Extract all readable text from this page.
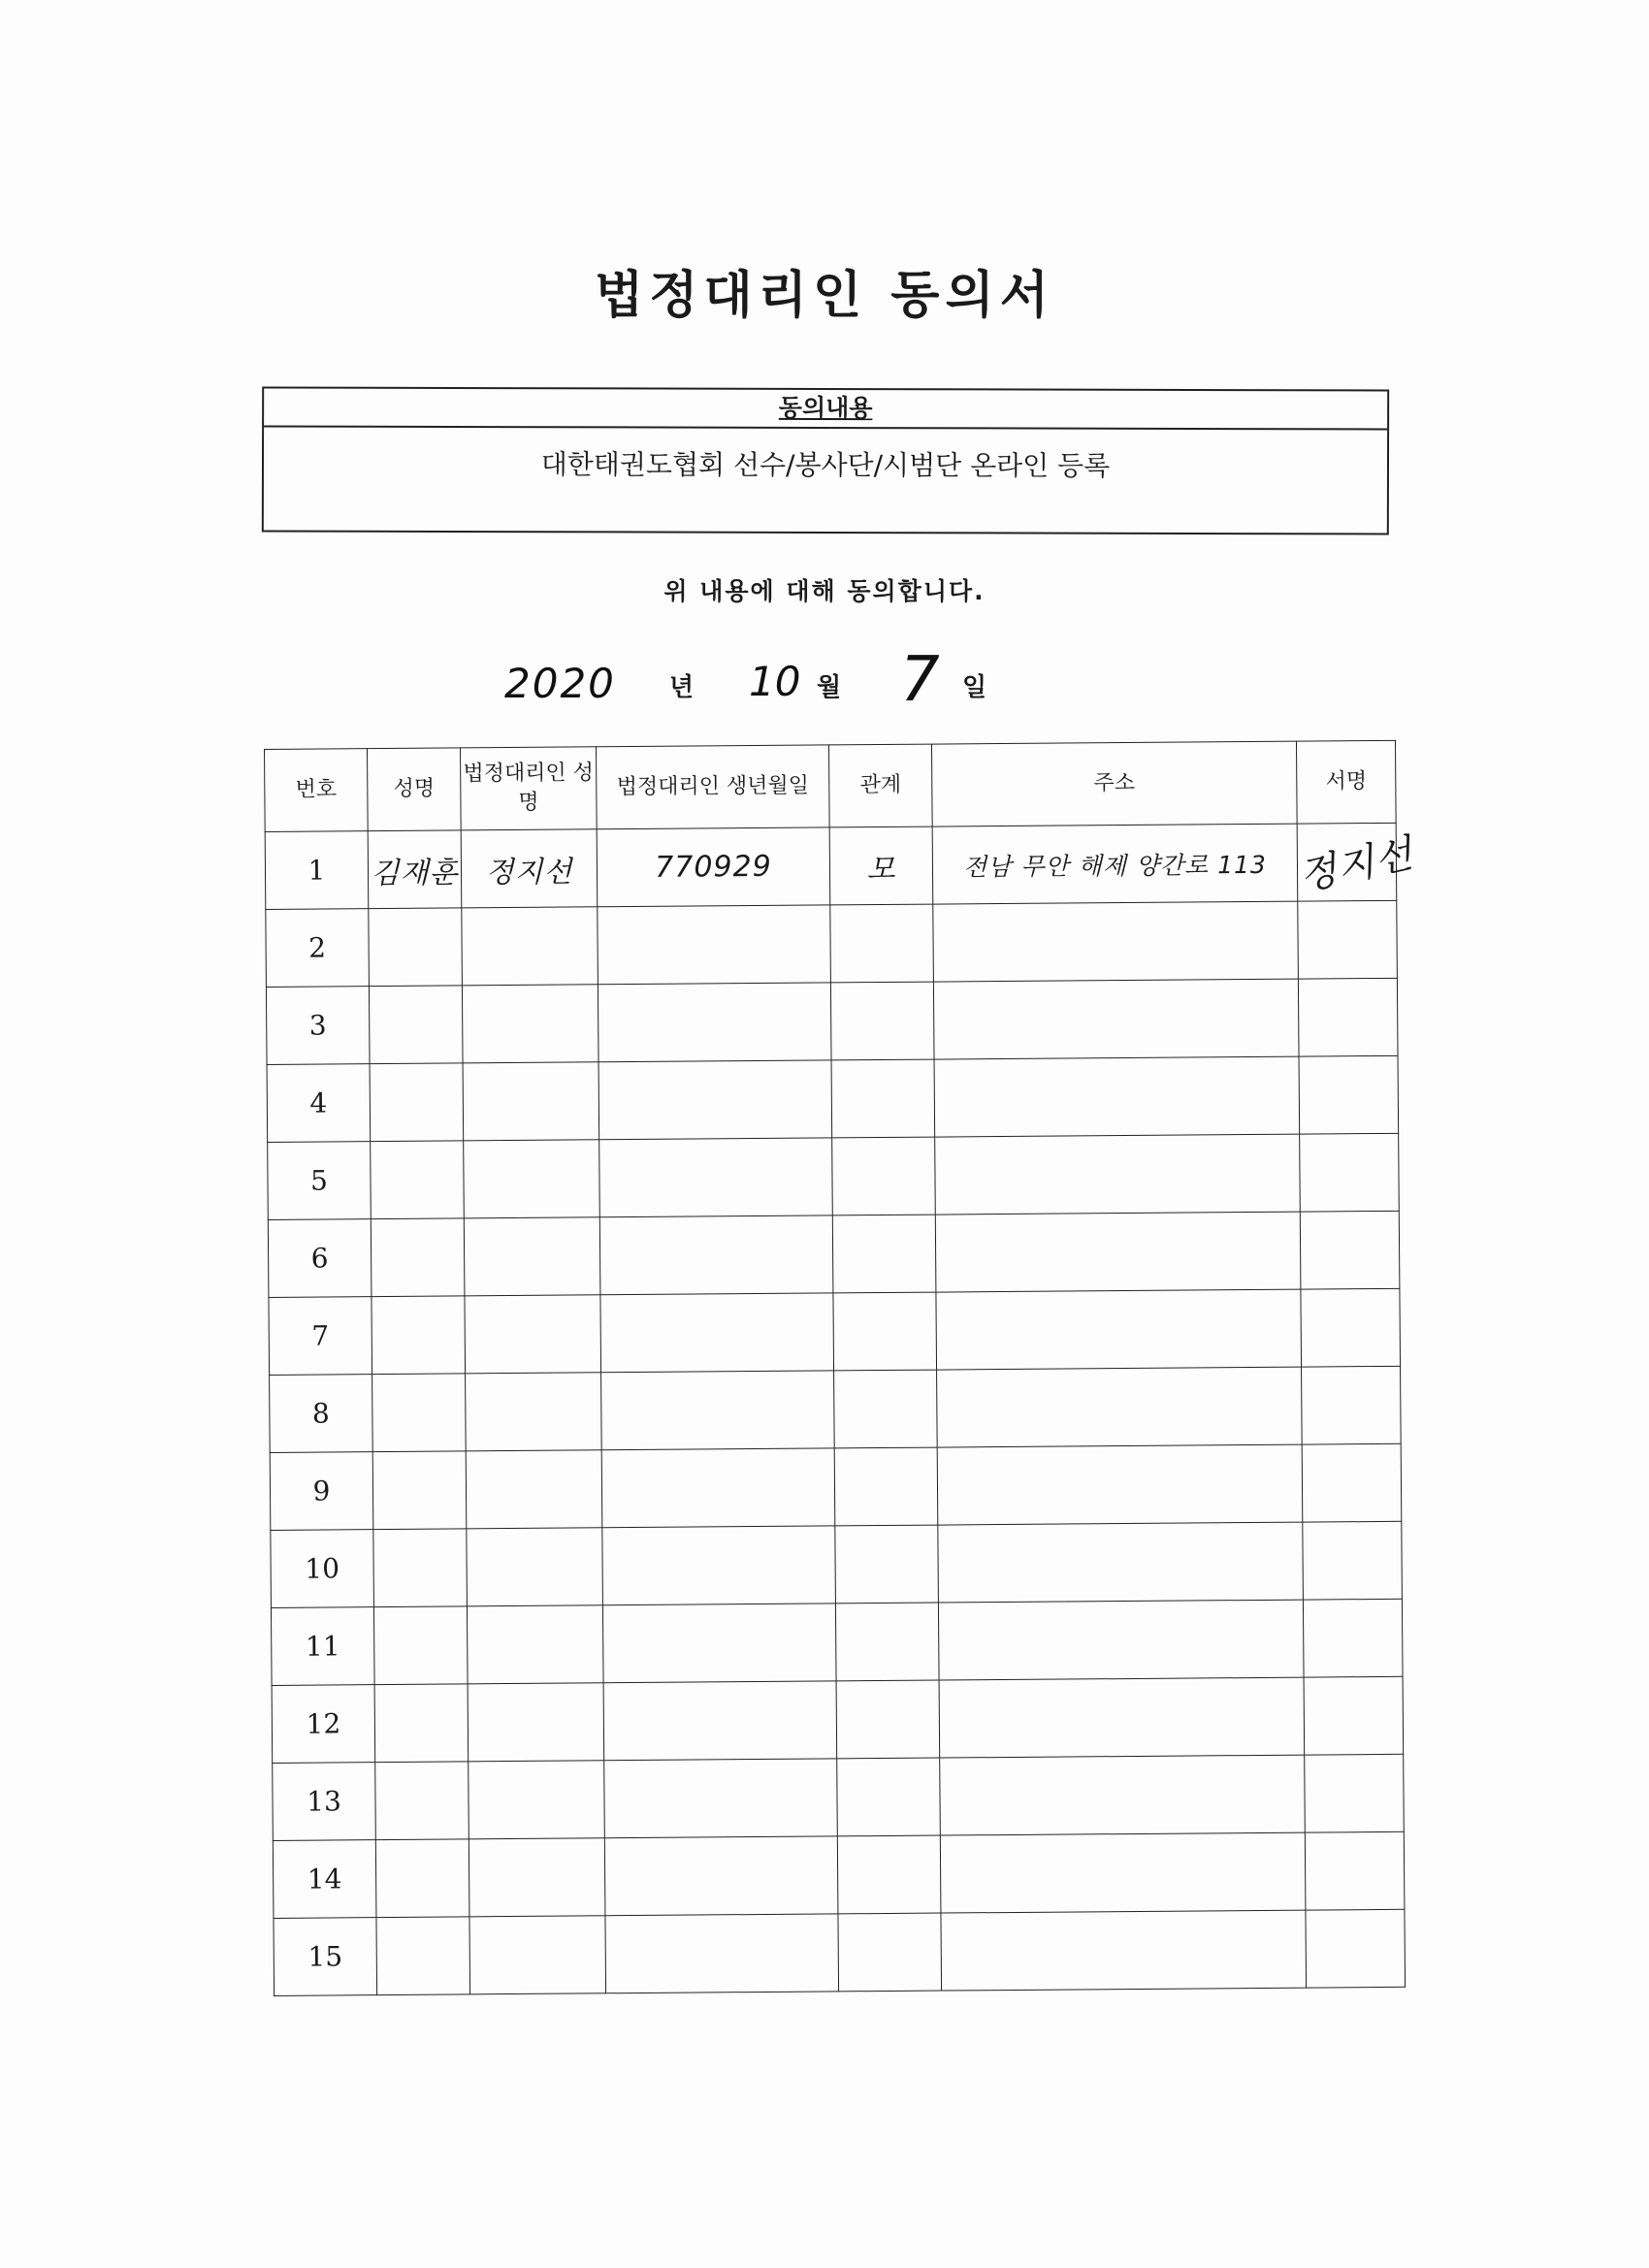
법정대리인 동의서
동의내용
대한태권도협회 선수/봉사단/시범단 온라인 등록
위 내용에 대해 동의합니다.
2020 년 10 월 7 일
번호	성명	법정대리인 성명	법정대리인 생년월일	관계	주소	서명
1	김재훈	정지선	770929	모	전남 무안 해제 양간로 113	정지선
2						
3						
4						
5						
6						
7						
8						
9						
10						
11						
12						
13						
14						
15						
